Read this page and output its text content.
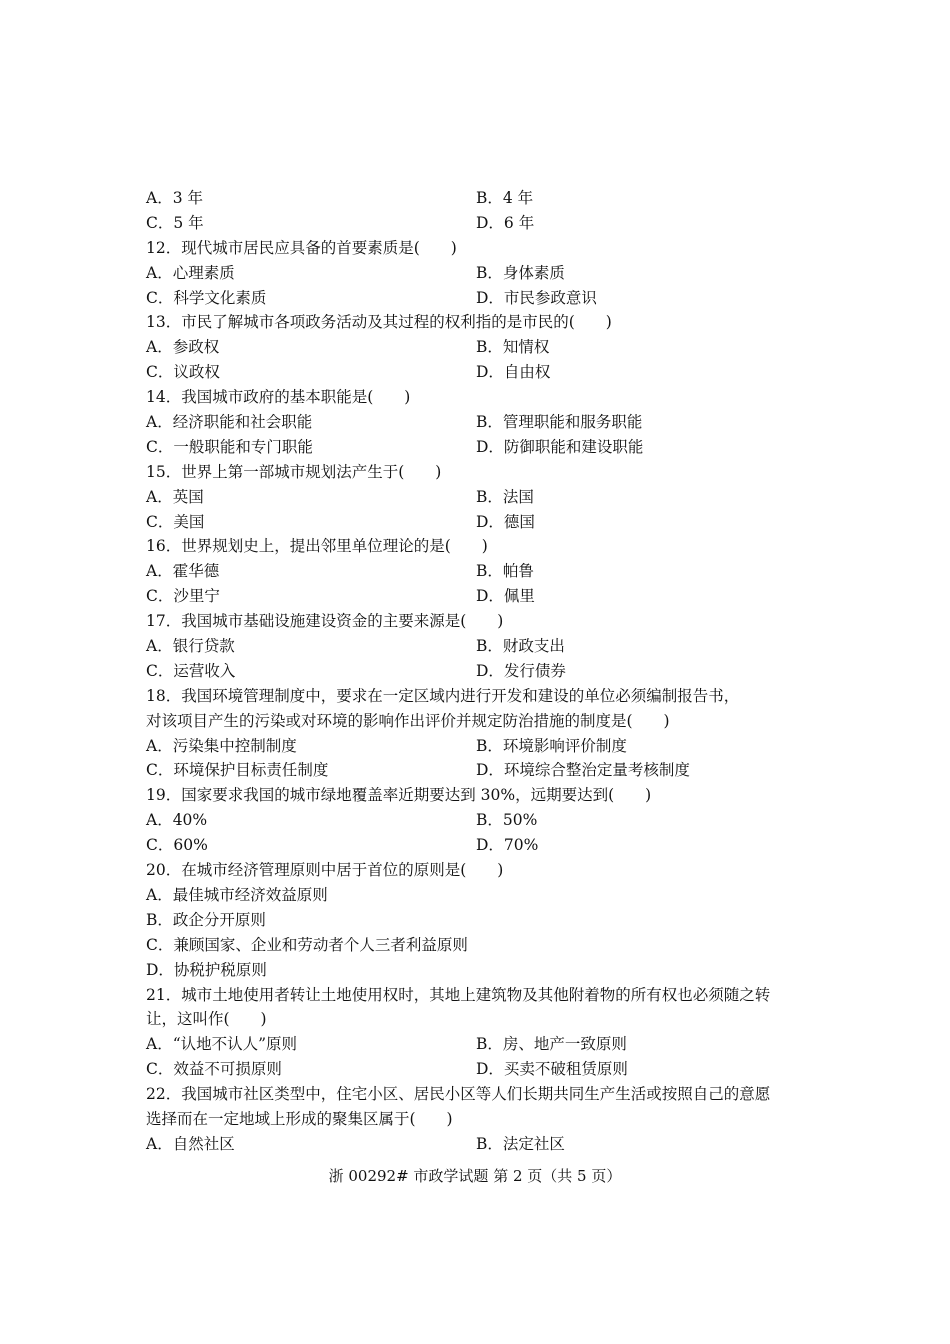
A．3 年	B．4 年
C．5 年	D．6 年
12．现代城市居民应具备的首要素质是(　　)
A．心理素质	B．身体素质
C．科学文化素质	D．市民参政意识
13．市民了解城市各项政务活动及其过程的权利指的是市民的(　　)
A．参政权	B．知情权
C．议政权	D．自由权
14．我国城市政府的基本职能是(　　)
A．经济职能和社会职能	B．管理职能和服务职能
C．一般职能和专门职能	D．防御职能和建设职能
15．世界上第一部城市规划法产生于(　　)
A．英国	B．法国
C．美国	D．德国
16．世界规划史上，提出邻里单位理论的是(　　)
A．霍华德	B．帕鲁
C．沙里宁	D．佩里
17．我国城市基础设施建设资金的主要来源是(　　)
A．银行贷款	B．财政支出
C．运营收入	D．发行债券
18．我国环境管理制度中，要求在一定区域内进行开发和建设的单位必须编制报告书，
对该项目产生的污染或对环境的影响作出评价并规定防治措施的制度是(　　)
A．污染集中控制制度	B．环境影响评价制度
C．环境保护目标责任制度	D．环境综合整治定量考核制度
19．国家要求我国的城市绿地覆盖率近期要达到 30%，远期要达到(　　)
A．40%	B．50%
C．60%	D．70%
20．在城市经济管理原则中居于首位的原则是(　　)
A．最佳城市经济效益原则
B．政企分开原则
C．兼顾国家、企业和劳动者个人三者利益原则
D．协税护税原则
21．城市土地使用者转让土地使用权时，其地上建筑物及其他附着物的所有权也必须随之转
让，这叫作(　　)
A．“认地不认人”原则	B．房、地产一致原则
C．效益不可损原则	D．买卖不破租赁原则
22．我国城市社区类型中，住宅小区、居民小区等人们长期共同生产生活或按照自己的意愿
选择而在一定地域上形成的聚集区属于(　　)
A．自然社区	B．法定社区
浙 00292# 市政学试题 第 2 页（共 5 页）
